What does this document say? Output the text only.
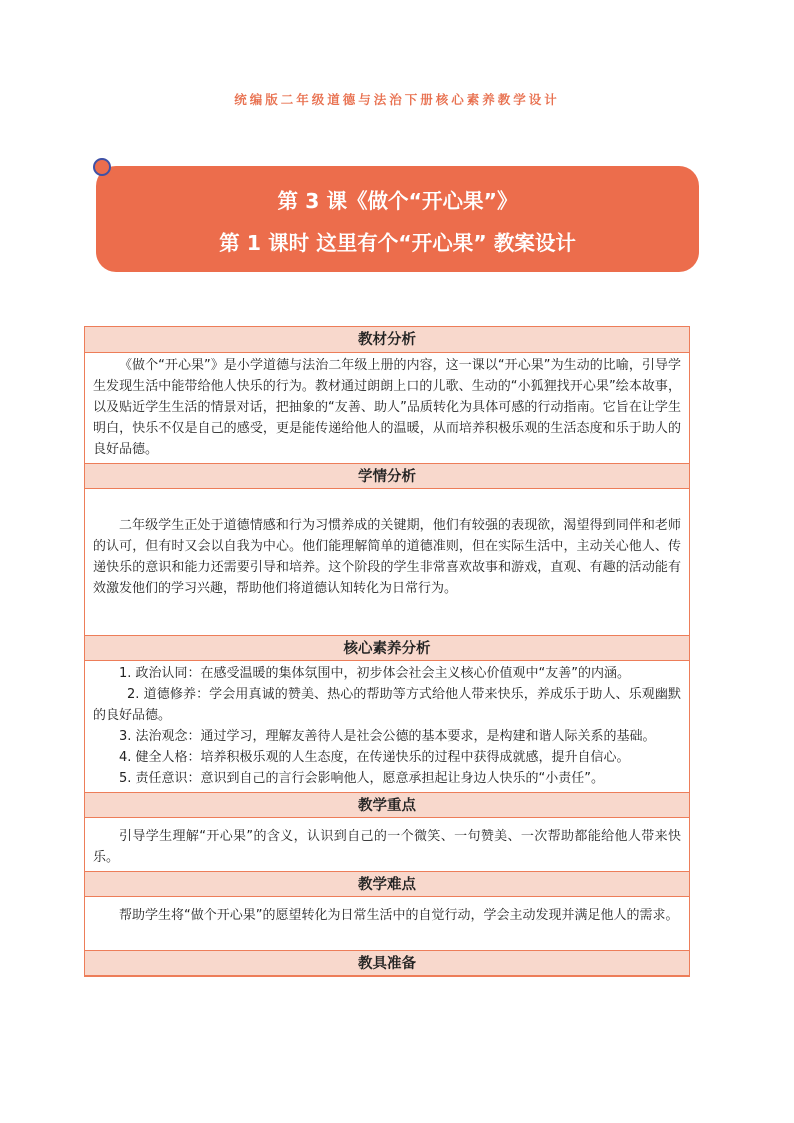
统编版二年级道德与法治下册核心素养教学设计
第 3 课《做个“开心果”》
第 1 课时 这里有个“开心果” 教案设计
教材分析

《做个“开心果”》是小学道德与法治二年级上册的内容，这一课以“开心果”为生动的比喻，引导学生发现生活中能带给他人快乐的行为。教材通过朗朗上口的儿歌、生动的“小狐狸找开心果”绘本故事，以及贴近学生生活的情景对话，把抽象的“友善、助人”品质转化为具体可感的行动指南。它旨在让学生明白，快乐不仅是自己的感受，更是能传递给他人的温暖，从而培养积极乐观的生活态度和乐于助人的良好品德。

学情分析

二年级学生正处于道德情感和行为习惯养成的关键期，他们有较强的表现欲，渴望得到同伴和老师的认可，但有时又会以自我为中心。他们能理解简单的道德准则，但在实际生活中，主动关心他人、传递快乐的意识和能力还需要引导和培养。这个阶段的学生非常喜欢故事和游戏，直观、有趣的活动能有效激发他们的学习兴趣，帮助他们将道德认知转化为日常行为。

核心素养分析

1. 政治认同：在感受温暖的集体氛围中，初步体会社会主义核心价值观中“友善”的内涵。

2. 道德修养：学会用真诚的赞美、热心的帮助等方式给他人带来快乐，养成乐于助人、乐观幽默的良好品德。

3. 法治观念：通过学习，理解友善待人是社会公德的基本要求，是构建和谐人际关系的基础。

4. 健全人格：培养积极乐观的人生态度，在传递快乐的过程中获得成就感，提升自信心。

5. 责任意识：意识到自己的言行会影响他人，愿意承担起让身边人快乐的“小责任”。

教学重点

引导学生理解“开心果”的含义，认识到自己的一个微笑、一句赞美、一次帮助都能给他人带来快乐。

教学难点

帮助学生将“做个开心果”的愿望转化为日常生活中的自觉行动，学会主动发现并满足他人的需求。

教具准备
